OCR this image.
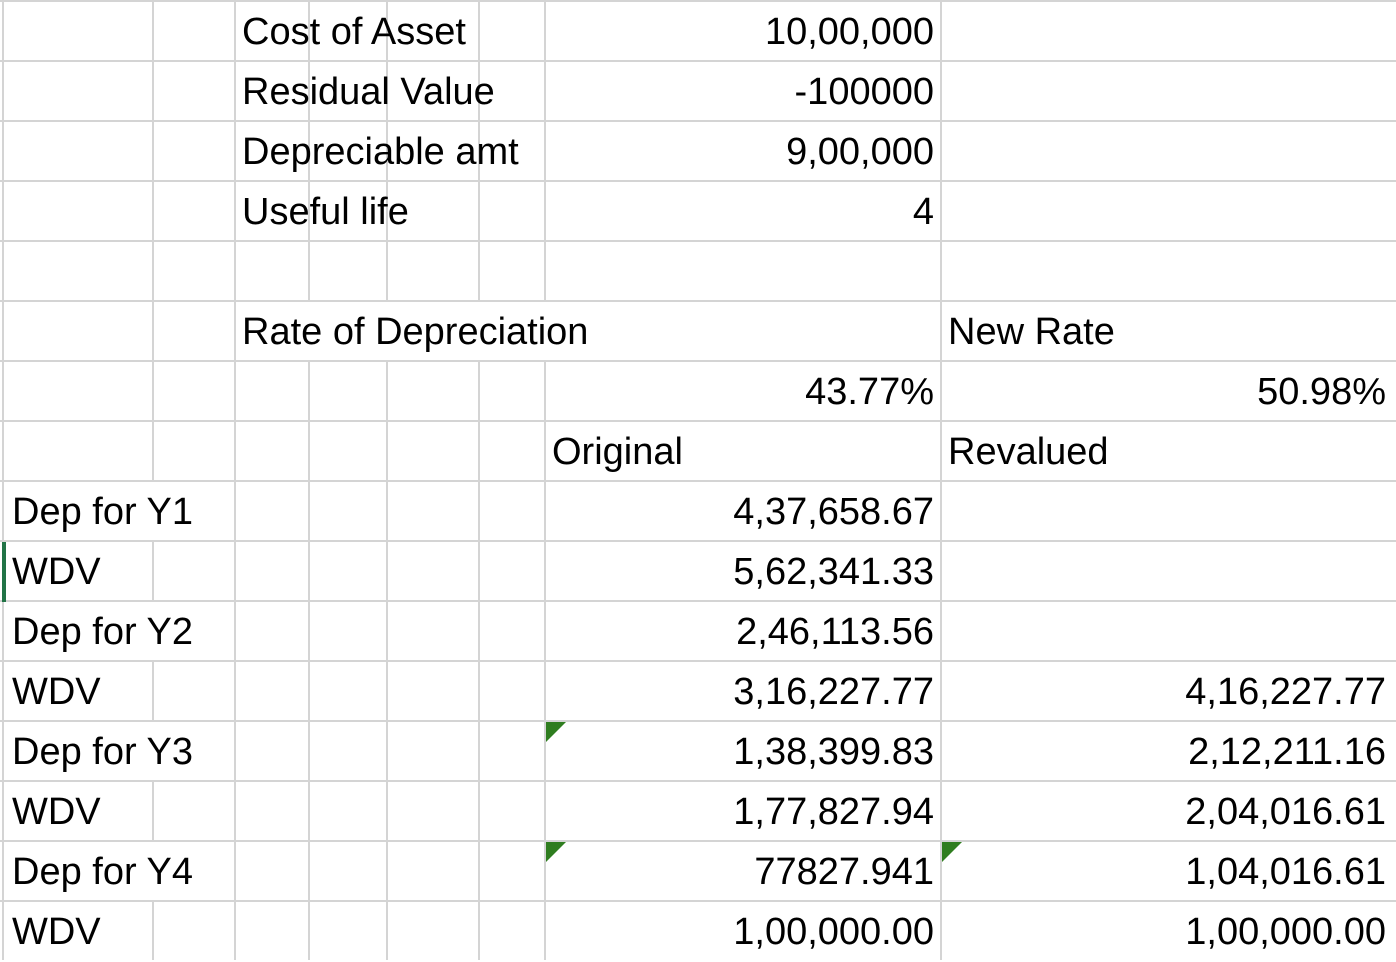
Cost of Asset	10,00,000
Residual Value	-100000
Depreciable amt	9,00,000
Useful life	4
Rate of Depreciation	New Rate
43.77%	50.98%
Original	Revalued
Dep for Y1	4,37,658.67
WDV	5,62,341.33
Dep for Y2	2,46,113.56
WDV	3,16,227.77	4,16,227.77
Dep for Y3	1,38,399.83	2,12,211.16
WDV	1,77,827.94	2,04,016.61
Dep for Y4	77827.941	1,04,016.61
WDV	1,00,000.00	1,00,000.00
